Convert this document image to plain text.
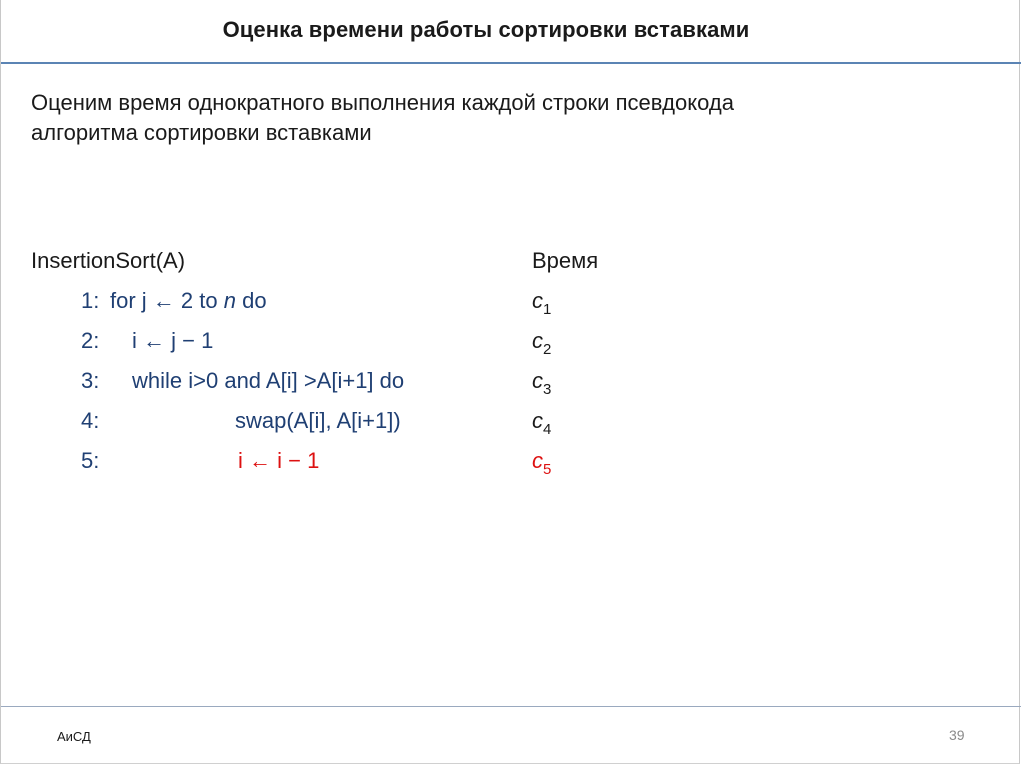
Оценка времени работы сортировки вставками
Оценим время однократного выполнения каждой строки псевдокода
алгоритма сортировки вставками
InsertionSort(A)	Время
1: for j ← 2 to n do	$c_1$
2: i ← j − 1	$c_2$
3: while i>0 and A[i] >A[i+1] do	$c_3$
4:	swap(A[i], A[i+1])	$c_4$
5:	i ← i − 1	$c_5$
АиСД	39
